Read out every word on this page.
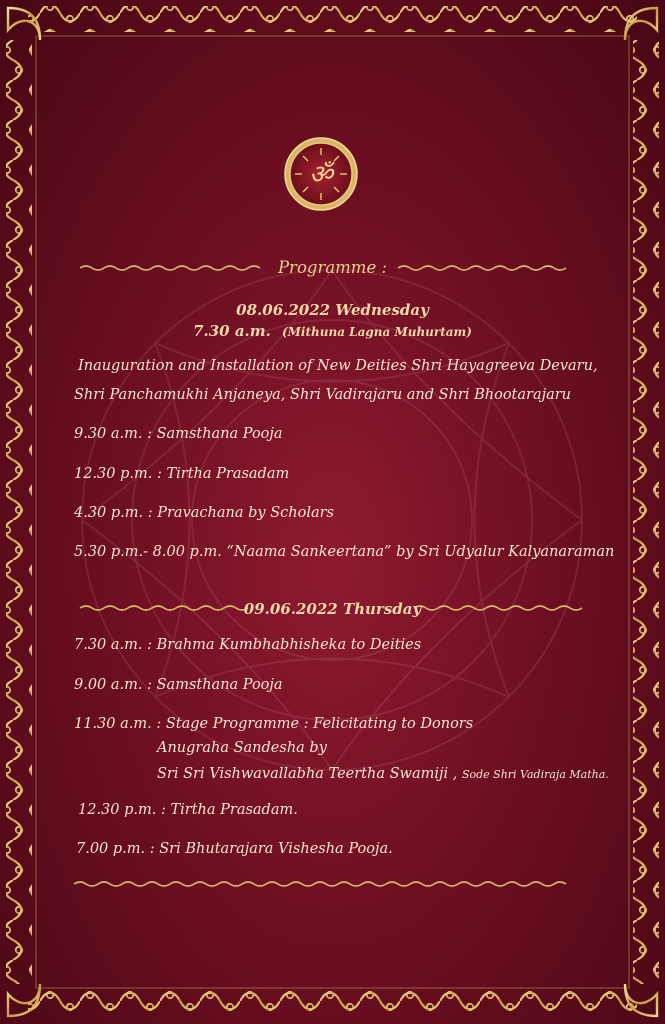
ॐ
Programme :
08.06.2022 Wednesday
7.30 a.m. (Mithuna Lagna Muhurtam)
Inauguration and Installation of New Deities Shri Hayagreeva Devaru,
Shri Panchamukhi Anjaneya, Shri Vadirajaru and Shri Bhootarajaru
9.30 a.m. : Samsthana Pooja
12.30 p.m. : Tirtha Prasadam
4.30 p.m. : Pravachana by Scholars
5.30 p.m.- 8.00 p.m. “Naama Sankeertana” by Sri Udyalur Kalyanaraman
09.06.2022 Thursday
7.30 a.m. : Brahma Kumbhabhisheka to Deities
9.00 a.m. : Samsthana Pooja
11.30 a.m. : Stage Programme : Felicitating to Donors
Anugraha Sandesha by
Sri Sri Vishwavallabha Teertha Swamiji , Sode Shri Vadiraja Matha.
12.30 p.m. : Tirtha Prasadam.
7.00 p.m. : Sri Bhutarajara Vishesha Pooja.
